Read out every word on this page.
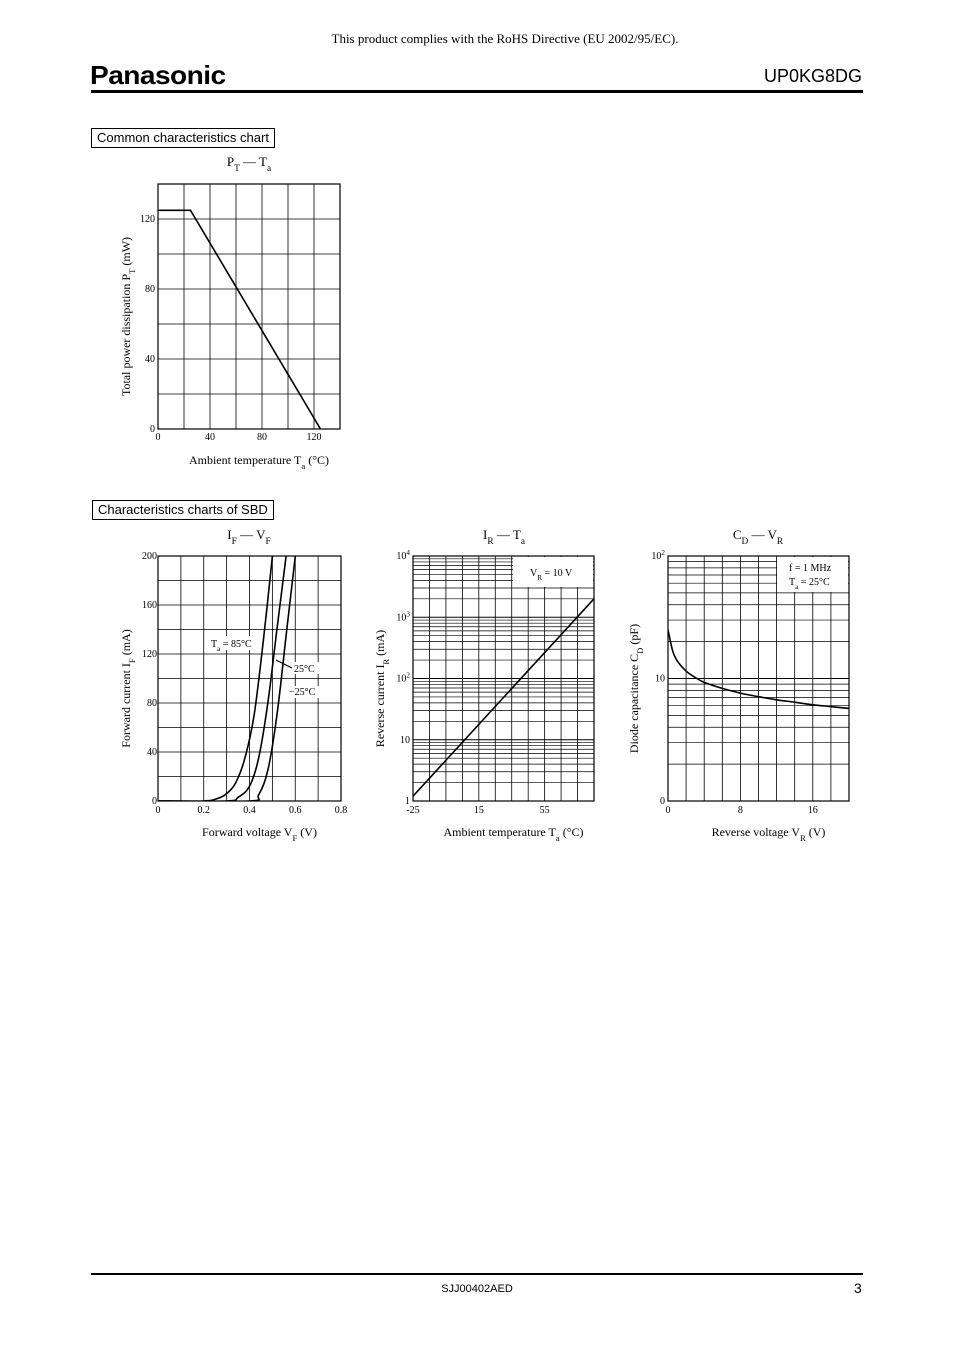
This product complies with the RoHS Directive (EU 2002/95/EC).
Panasonic	UP0KG8DG
Common characteristics chart
Characteristics charts of SBD
$P_T$ — $T_a$
Ambient temperature $T_a$ (°C)
Total power dissipation $P_T$ (mW)
0	40	80	120
0
40
80
120
$I_F$ — $V_F$
Forward voltage $V_F$ (V)
Forward current $I_F$ (mA)
0	0.2	0.4	0.6	0.8
0
40
80
120
160
200
$T_a = 85^\circ C$
25°C
−25°C
$I_R$ — $T_a$
Ambient temperature $T_a$ (°C)
Reverse current $I_R$ (mA)
-25	15	55
1
10
$10^2$
$10^3$
$10^4$
$V_R = 10$ V
$C_D$ — $V_R$
Reverse voltage $V_R$ (V)
Diode capacitance $C_D$ (pF)
0	8	16
0
10
$10^2$
f = 1 MHz
$T_a = 25^\circ C$
SJJ00402AED	3
